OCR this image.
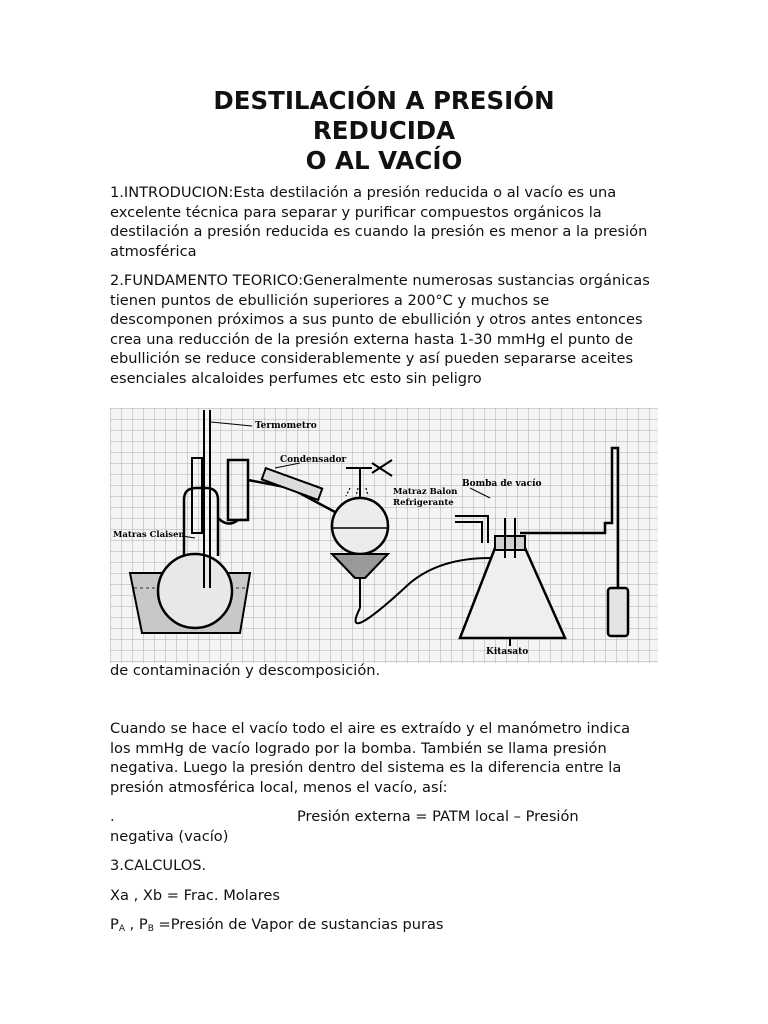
DESTILACIÓN A PRESIÓN
REDUCIDA
O AL VACÍO

1.INTRODUCION:Esta destilación a presión reducida o al vacío es una excelente técnica para separar y purificar compuestos orgánicos la destilación a presión reducida es cuando la presión es menor a la presión atmosférica

2.FUNDAMENTO TEORICO:Generalmente numerosas sustancias orgánicas tienen puntos de ebullición superiores a 200°C y muchos se descomponen próximos a sus punto de ebullición y otros antes entonces crea una reducción de la presión externa hasta 1-30 mmHg el punto de ebullición se reduce considerablemente y así pueden separarse aceites esenciales alcaloides perfumes etc esto sin peligro

Termometro
Condensador
Matraz Balon
Refrigerante
Kitasato
Bomba de vacío
Matras Claisen

de contaminación y descomposición.

Cuando se hace el vacío todo el aire es extraído y el manómetro indica los mmHg de vacío logrado por la bomba. También se llama presión negativa. Luego la presión dentro del sistema es la diferencia entre la presión atmosférica local, menos el vacío, así:

.	Presión externa = PATM local – Presión
negativa (vacío)
3.CALCULOS.
Xa , Xb = Frac. Molares
$P_A$ , $P_B$ =Presión de Vapor de sustancias puras
